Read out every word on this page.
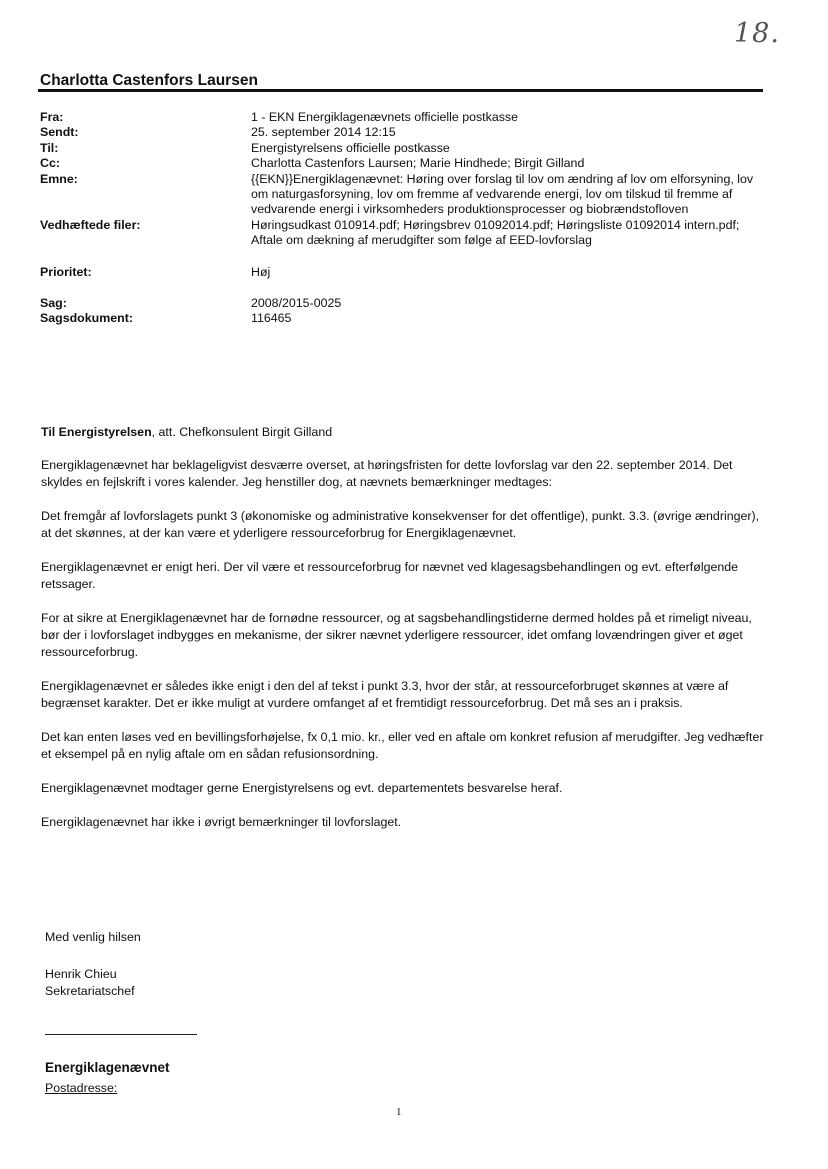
18.
Charlotta Castenfors Laursen
Fra:	1 - EKN Energiklagenævnets officielle postkasse
Sendt:	25. september 2014 12:15
Til:	Energistyrelsens officielle postkasse
Cc:	Charlotta Castenfors Laursen; Marie Hindhede; Birgit Gilland
Emne:	{{EKN}}Energiklagenævnet: Høring over forslag til lov om ændring af lov om elforsyning, lov om naturgasforsyning, lov om fremme af vedvarende energi, lov om tilskud til fremme af vedvarende energi i virksomheders produktionsprocesser og biobrændstofloven
Vedhæftede filer:	Høringsudkast 010914.pdf; Høringsbrev 01092014.pdf; Høringsliste 01092014 intern.pdf; Aftale om dækning af merudgifter som følge af EED-lovforslag
Prioritet:	Høj
Sag:	2008/2015-0025
Sagsdokument:	116465

Til Energistyrelsen, att. Chefkonsulent Birgit Gilland

Energiklagenævnet har beklageligvist desværre overset, at høringsfristen for dette lovforslag var den 22. september 2014. Det skyldes en fejlskrift i vores kalender. Jeg henstiller dog, at nævnets bemærkninger medtages:

Det fremgår af lovforslagets punkt 3 (økonomiske og administrative konsekvenser for det offentlige), punkt. 3.3. (øvrige ændringer), at det skønnes, at der kan være et yderligere ressourceforbrug for Energiklagenævnet.

Energiklagenævnet er enigt heri. Der vil være et ressourceforbrug for nævnet ved klagesagsbehandlingen og evt. efterfølgende retssager.

For at sikre at Energiklagenævnet har de fornødne ressourcer, og at sagsbehandlingstiderne dermed holdes på et rimeligt niveau, bør der i lovforslaget indbygges en mekanisme, der sikrer nævnet yderligere ressourcer, idet omfang lovændringen giver et øget ressourceforbrug.

Energiklagenævnet er således ikke enigt i den del af tekst i punkt 3.3, hvor der står, at ressourceforbruget skønnes at være af begrænset karakter. Det er ikke muligt at vurdere omfanget af et fremtidigt ressourceforbrug. Det må ses an i praksis.

Det kan enten løses ved en bevillingsforhøjelse, fx 0,1 mio. kr., eller ved en aftale om konkret refusion af merudgifter. Jeg vedhæfter et eksempel på en nylig aftale om en sådan refusionsordning.

Energiklagenævnet modtager gerne Energistyrelsens og evt. departementets besvarelse heraf.

Energiklagenævnet har ikke i øvrigt bemærkninger til lovforslaget.

Med venlig hilsen
Henrik Chieu
Sekretariatschef
Energiklagenævnet
Postadresse:
1
